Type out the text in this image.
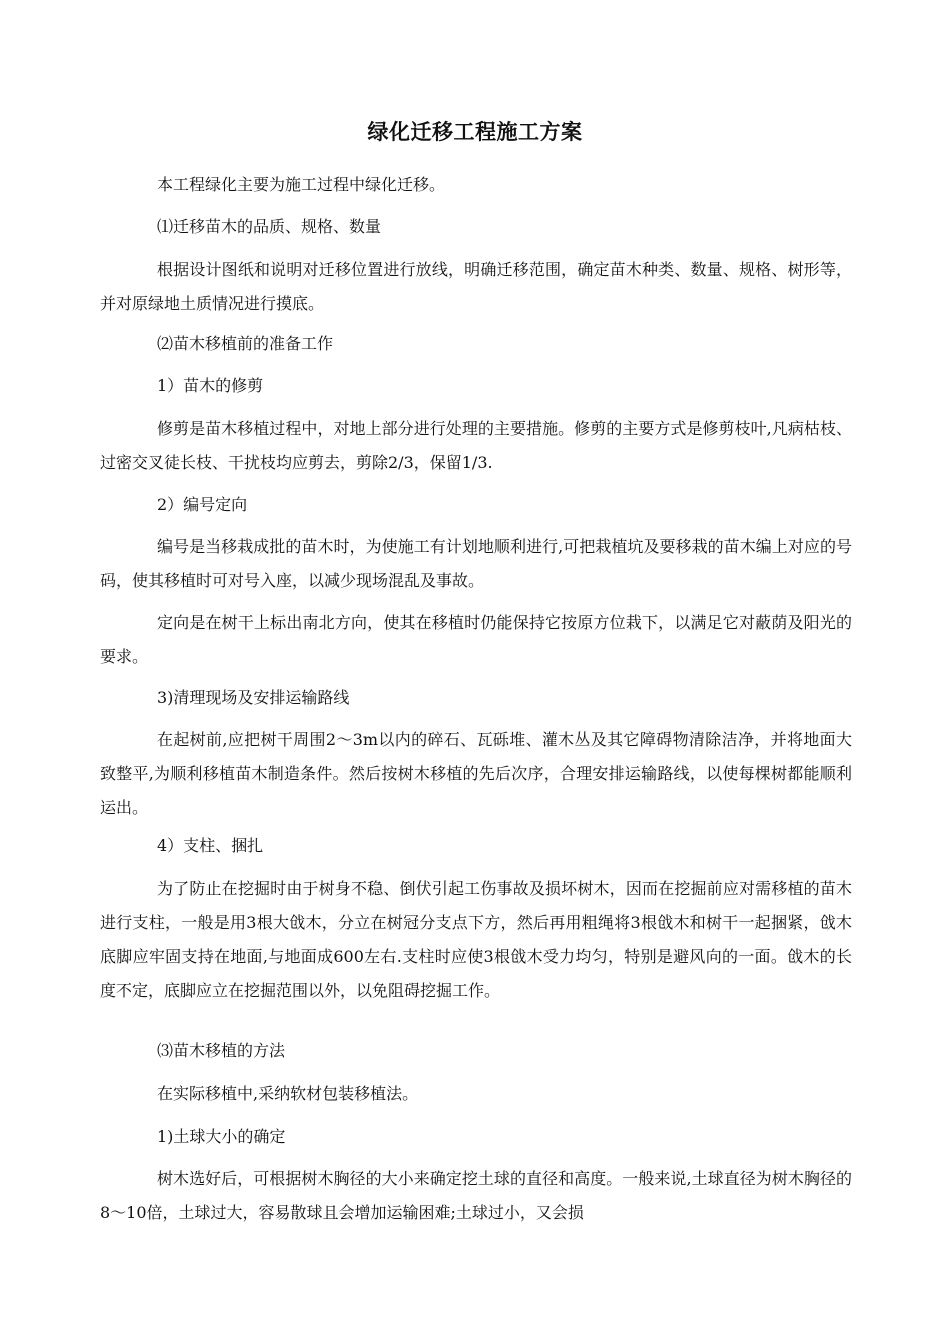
绿化迁移工程施工方案
本工程绿化主要为施工过程中绿化迁移。
⑴迁移苗木的品质、规格、数量
根据设计图纸和说明对迁移位置进行放线，明确迁移范围，确定苗木种类、数量、规格、树形等，并对原绿地土质情况进行摸底。
⑵苗木移植前的准备工作
1）苗木的修剪
修剪是苗木移植过程中，对地上部分进行处理的主要措施。修剪的主要方式是修剪枝叶,凡病枯枝、过密交叉徒长枝、干扰枝均应剪去，剪除2/3，保留1/3.
2）编号定向
编号是当移栽成批的苗木时，为使施工有计划地顺利进行,可把栽植坑及要移栽的苗木编上对应的号码，使其移植时可对号入座，以减少现场混乱及事故。
定向是在树干上标出南北方向，使其在移植时仍能保持它按原方位栽下，以满足它对蔽荫及阳光的要求。
3)清理现场及安排运输路线
在起树前,应把树干周围2～3m以内的碎石、瓦砾堆、灌木丛及其它障碍物清除洁净，并将地面大致整平,为顺利移植苗木制造条件。然后按树木移植的先后次序，合理安排运输路线，以使每棵树都能顺利运出。
4）支柱、捆扎
为了防止在挖掘时由于树身不稳、倒伏引起工伤事故及损坏树木，因而在挖掘前应对需移植的苗木进行支柱，一般是用3根大戗木，分立在树冠分支点下方，然后再用粗绳将3根戗木和树干一起捆紧，戗木底脚应牢固支持在地面,与地面成600左右.支柱时应使3根戗木受力均匀，特别是避风向的一面。戗木的长度不定，底脚应立在挖掘范围以外，以免阻碍挖掘工作。
⑶苗木移植的方法
在实际移植中,采纳软材包装移植法。
1)土球大小的确定
树木选好后，可根据树木胸径的大小来确定挖土球的直径和高度。一般来说,土球直径为树木胸径的8～10倍，土球过大，容易散球且会增加运输困难;土球过小，又会损
